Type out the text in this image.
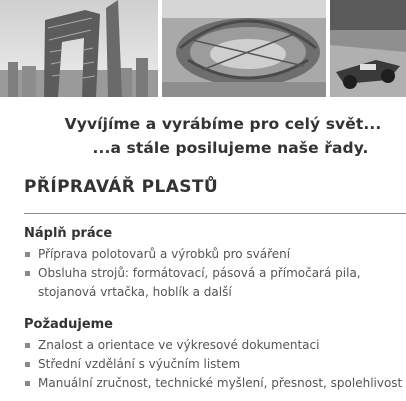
Vyvíjíme a vyrábíme pro celý svět...
...a stále posilujeme naše řady.
PŘÍPRAVÁŘ PLASTŮ
Náplň práce
Příprava polotovarů a výrobků pro sváření
Obsluha strojů: formátovací, pásová a přímočará pila,
stojanová vrtačka, hoblík a další
Požadujeme
Znalost a orientace ve výkresové dokumentaci
Střední vzdělání s výučním listem
Manuální zručnost, technické myšlení, přesnost, spolehlivost
